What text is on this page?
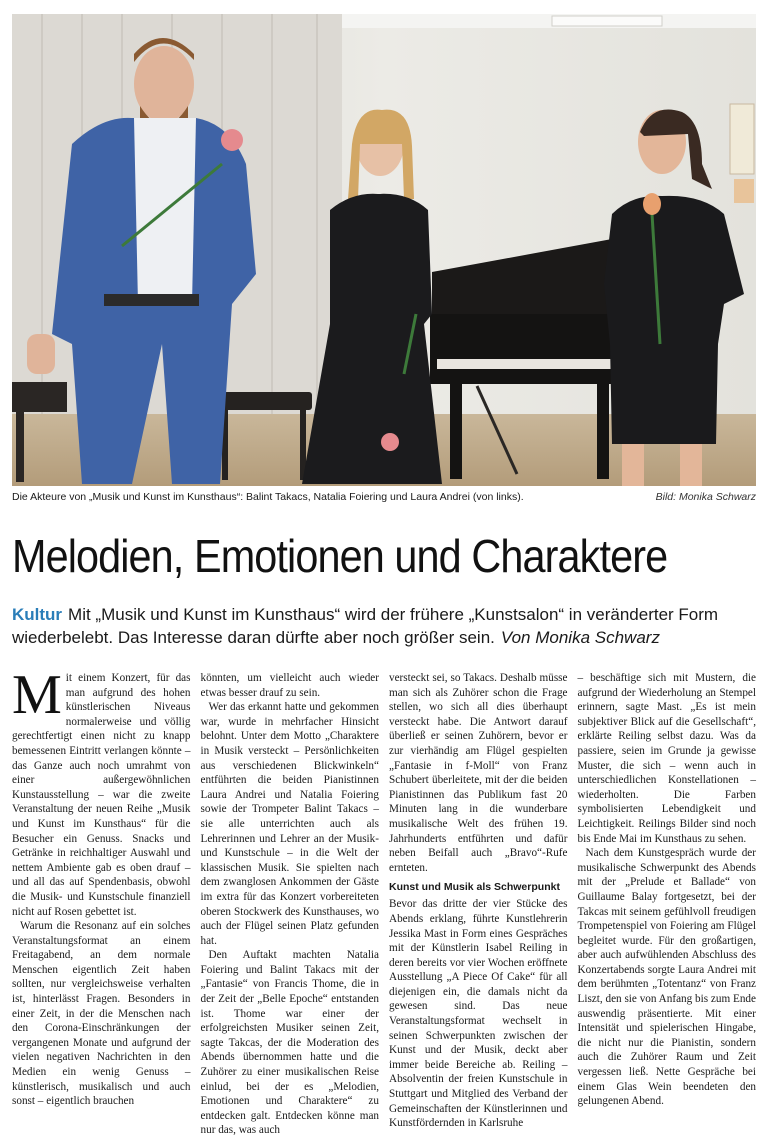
Die Akteure von „Musik und Kunst im Kunsthaus“: Balint Takacs, Natalia Foiering und Laura Andrei (von links).	Bild: Monika Schwarz
Melodien, Emotionen und Charaktere
Kultur Mit „Musik und Kunst im Kunsthaus“ wird der frühere „Kunstsalon“ in veränderter Form wiederbelebt. Das Interesse daran dürfte aber noch größer sein. Von Monika Schwarz

Mit einem Konzert, für das man aufgrund des hohen künstlerischen Niveaus normalerweise und völlig gerechtfertigt einen nicht zu knapp bemessenen Eintritt verlangen könnte – das Ganze auch noch umrahmt von einer außergewöhnlichen Kunstausstellung – war die zweite Veranstaltung der neuen Reihe „Musik und Kunst im Kunsthaus“ für die Besucher ein Genuss. Snacks und Getränke in reichhaltiger Auswahl und nettem Ambiente gab es oben drauf – und all das auf Spendenbasis, obwohl die Musik- und Kunstschule finanziell nicht auf Rosen gebettet ist.

Warum die Resonanz auf ein solches Veranstaltungsformat an einem Freitagabend, an dem normale Menschen eigentlich Zeit haben sollten, nur vergleichsweise verhalten ist, hinterlässt Fragen. Besonders in einer Zeit, in der die Menschen nach den Corona-Einschränkungen der vergangenen Monate und aufgrund der vielen negativen Nachrichten in den Medien ein wenig Genuss – künstlerisch, musikalisch und auch sonst – eigentlich brauchen

könnten, um vielleicht auch wieder etwas besser drauf zu sein.

Wer das erkannt hatte und gekommen war, wurde in mehrfacher Hinsicht belohnt. Unter dem Motto „Charaktere in Musik versteckt – Persönlichkeiten aus verschiedenen Blickwinkeln“ entführten die beiden Pianistinnen Laura Andrei und Natalia Foiering sowie der Trompeter Balint Takacs – sie alle unterrichten auch als Lehrerinnen und Lehrer an der Musik- und Kunstschule – in die Welt der klassischen Musik. Sie spielten nach dem zwanglosen Ankommen der Gäste im extra für das Konzert vorbereiteten oberen Stockwerk des Kunsthauses, wo auch der Flügel seinen Platz gefunden hat.

Den Auftakt machten Natalia Foiering und Balint Takacs mit der „Fantasie“ von Francis Thome, die in der Zeit der „Belle Epoche“ entstanden ist. Thome war einer der erfolgreichsten Musiker seinen Zeit, sagte Takcas, der die Moderation des Abends übernommen hatte und die Zuhörer zu einer musikalischen Reise einlud, bei der es „Melodien, Emotionen und Charaktere“ zu entdecken galt. Entdecken könne man nur das, was auch

versteckt sei, so Takacs. Deshalb müsse man sich als Zuhörer schon die Frage stellen, wo sich all dies überhaupt versteckt habe. Die Antwort darauf überließ er seinen Zuhörern, bevor er zur vierhändig am Flügel gespielten „Fantasie in f-Moll“ von Franz Schubert überleitete, mit der die beiden Pianistinnen das Publikum fast 20 Minuten lang in die wunderbare musikalische Welt des frühen 19. Jahrhunderts entführten und dafür neben Beifall auch „Bravo“-Rufe ernteten.

Kunst und Musik als Schwerpunkt

Bevor das dritte der vier Stücke des Abends erklang, führte Kunstlehrerin Jessika Mast in Form eines Gespräches mit der Künstlerin Isabel Reiling in deren bereits vor vier Wochen eröffnete Ausstellung „A Piece Of Cake“ für all diejenigen ein, die damals nicht da gewesen sind. Das neue Veranstaltungsformat wechselt in seinen Schwerpunkten zwischen der Kunst und der Musik, deckt aber immer beide Bereiche ab. Reiling – Absolventin der freien Kunstschule in Stuttgart und Mitglied des Verband der Gemeinschaften der Künstlerinnen und Kunstfördernden in Karlsruhe

– beschäftige sich mit Mustern, die aufgrund der Wiederholung an Stempel erinnern, sagte Mast. „Es ist mein subjektiver Blick auf die Gesellschaft“, erklärte Reiling selbst dazu. Was da passiere, seien im Grunde ja gewisse Muster, die sich – wenn auch in unterschiedlichen Konstellationen – wiederholten. Die Farben symbolisierten Lebendigkeit und Leichtigkeit. Reilings Bilder sind noch bis Ende Mai im Kunsthaus zu sehen.

Nach dem Kunstgespräch wurde der musikalische Schwerpunkt des Abends mit der „Prelude et Ballade“ von Guillaume Balay fortgesetzt, bei der Takcas mit seinem gefühlvoll freudigen Trompetenspiel von Foiering am Flügel begleitet wurde. Für den großartigen, aber auch aufwühlenden Abschluss des Konzertabends sorgte Laura Andrei mit dem berühmten „Totentanz“ von Franz Liszt, den sie von Anfang bis zum Ende auswendig präsentierte. Mit einer Intensität und spielerischen Hingabe, die nicht nur die Pianistin, sondern auch die Zuhörer Raum und Zeit vergessen ließ. Nette Gespräche bei einem Glas Wein beendeten den gelungenen Abend.
